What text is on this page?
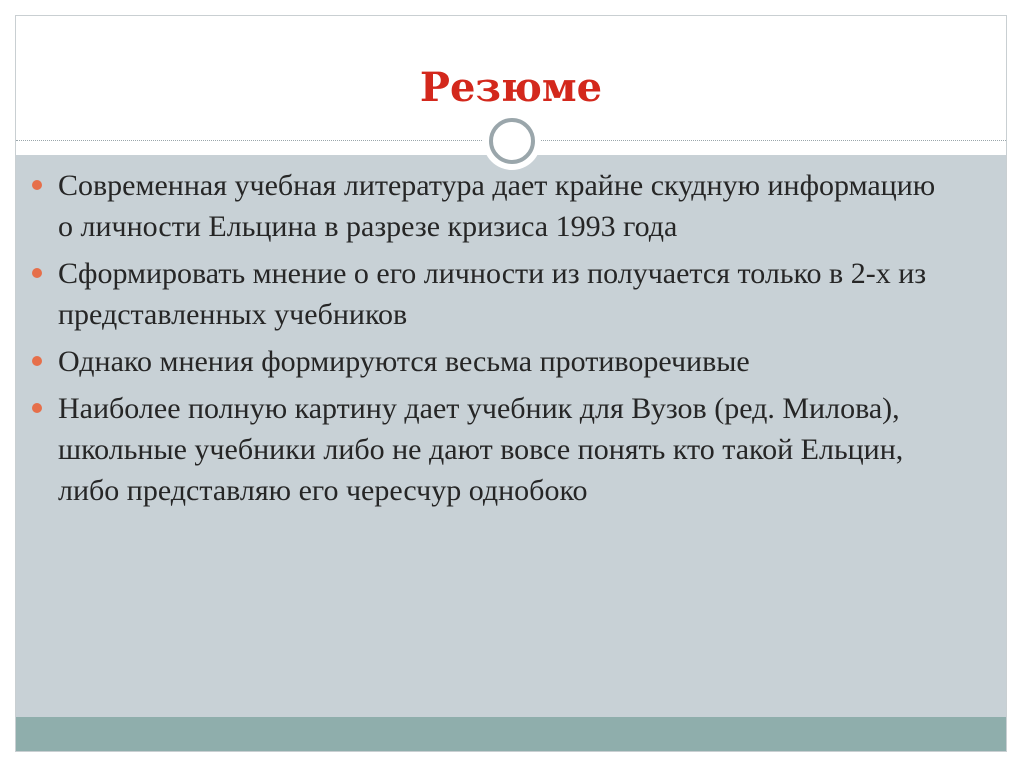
Резюме
Современная учебная литература дает крайне скудную информацию о личности Ельцина в разрезе кризиса 1993 года
Сформировать мнение о его личности из получается только в 2-х из представленных учебников
Однако мнения формируются весьма противоречивые
Наиболее полную картину дает учебник для Вузов (ред. Милова), школьные учебники либо не дают вовсе понять кто такой Ельцин, либо представляю его чересчур однобоко
